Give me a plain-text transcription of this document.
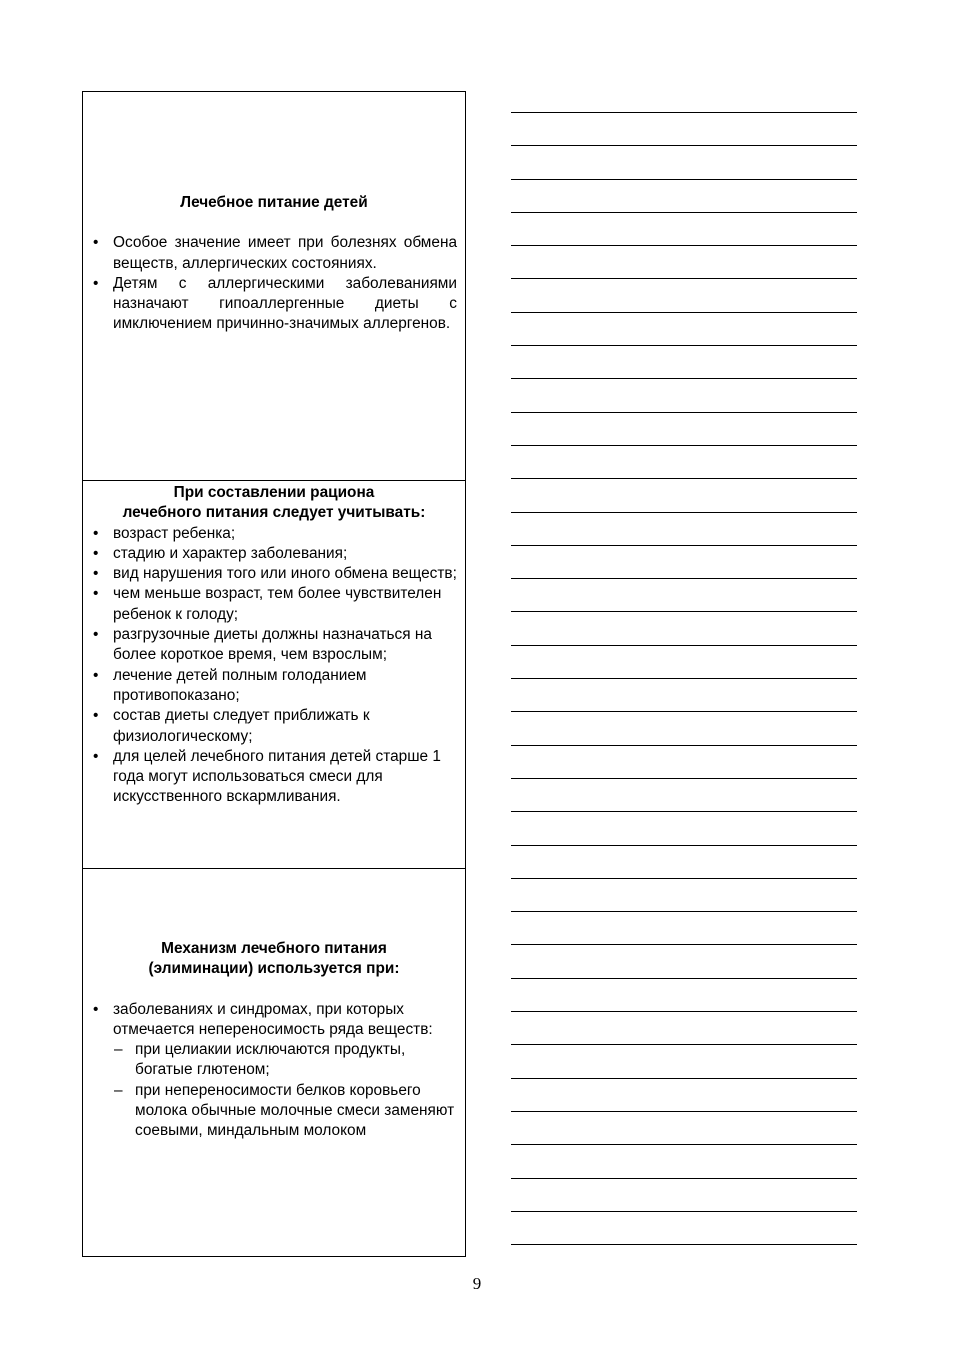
Лечебное питание детей

• Особое значение имеет при болезнях обмена веществ, аллергических состояниях.
• Детям с аллергическими заболеваниями назначают гипоаллергенные диеты с имключением причинно-значимых аллергенов.

При составлении рациона

лечебного питания следует учитывать:

• возраст ребенка;
• стадию и характер заболевания;
• вид нарушения того или иного обмена веществ;
• чем меньше возраст, тем более чувствителен ребенок к голоду;
• разгрузочные диеты должны назначаться на более короткое время, чем взрослым;
• лечение детей полным голоданием противопоказано;
• состав диеты следует приближать к физиологическому;
• для целей лечебного питания детей старше 1 года могут использоваться смеси для искусственного вскармливания.

Механизм лечебного питания

(элиминации) используется при:

• заболеваниях и синдромах, при которых отмечается непереносимость ряда веществ:
– при целиакии исключаются продукты, богатые глютеном;
– при непереносимости белков коровьего молока обычные молочные смеси заменяют соевыми, миндальным молоком
9
